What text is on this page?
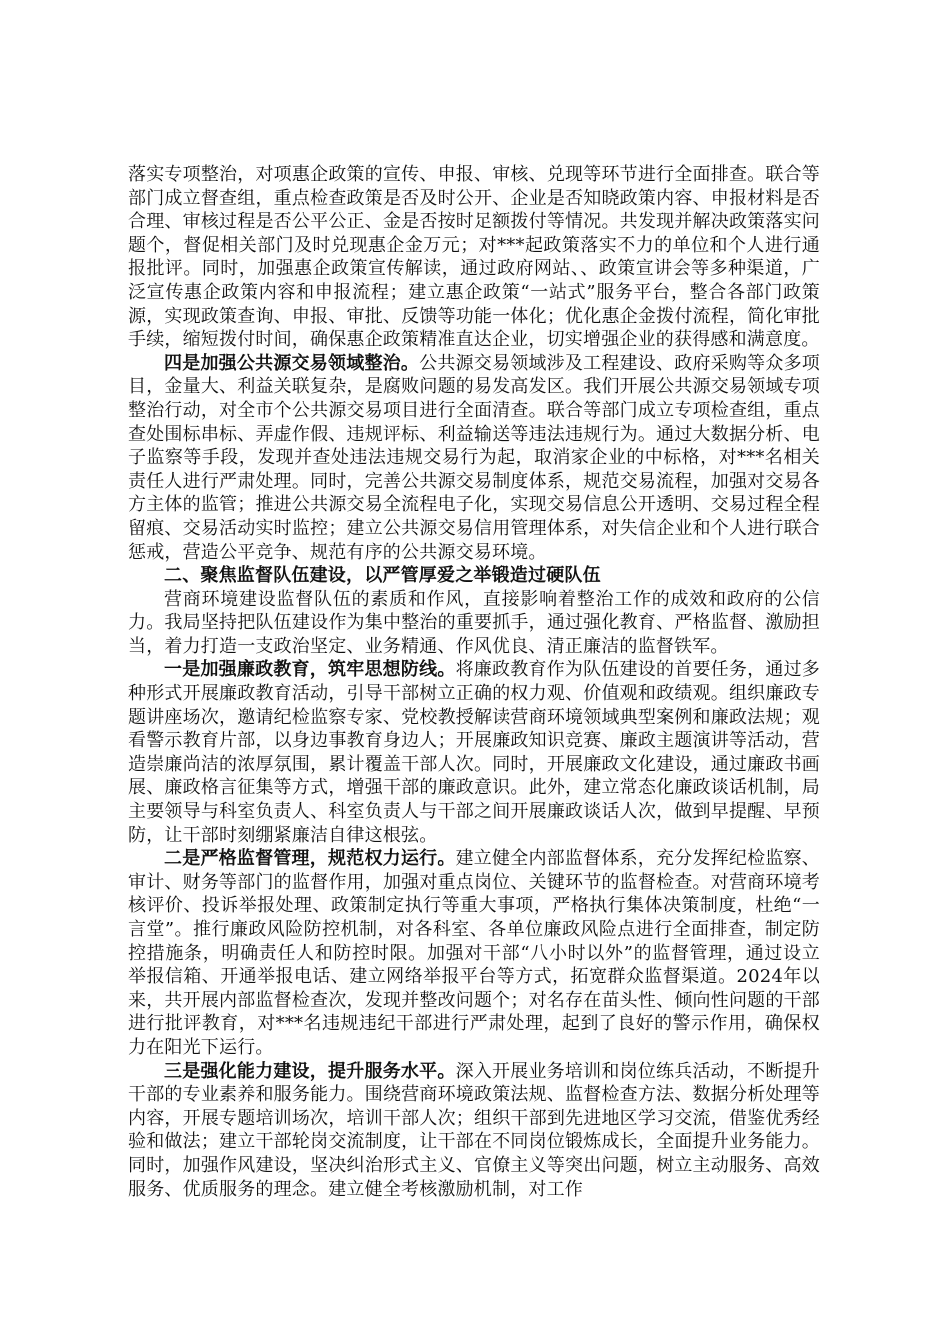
落实专项整治，对项惠企政策的宣传、申报、审核、兑现等环节进行全面排查。联合等部门成立督查组，重点检查政策是否及时公开、企业是否知晓政策内容、申报材料是否合理、审核过程是否公平公正、金是否按时足额拨付等情况。共发现并解决政策落实问题个，督促相关部门及时兑现惠企金万元；对***起政策落实不力的单位和个人进行通报批评。同时，加强惠企政策宣传解读，通过政府网站、、政策宣讲会等多种渠道，广泛宣传惠企政策内容和申报流程；建立惠企政策“一站式”服务平台，整合各部门政策源，实现政策查询、申报、审批、反馈等功能一体化；优化惠企金拨付流程，简化审批手续，缩短拨付时间，确保惠企政策精准直达企业，切实增强企业的获得感和满意度。

四是加强公共源交易领域整治。公共源交易领域涉及工程建设、政府采购等众多项目，金量大、利益关联复杂，是腐败问题的易发高发区。我们开展公共源交易领域专项整治行动，对全市个公共源交易项目进行全面清查。联合等部门成立专项检查组，重点查处围标串标、弄虚作假、违规评标、利益输送等违法违规行为。通过大数据分析、电子监察等手段，发现并查处违法违规交易行为起，取消家企业的中标格，对***名相关责任人进行严肃处理。同时，完善公共源交易制度体系，规范交易流程，加强对交易各方主体的监管；推进公共源交易全流程电子化，实现交易信息公开透明、交易过程全程留痕、交易活动实时监控；建立公共源交易信用管理体系，对失信企业和个人进行联合惩戒，营造公平竞争、规范有序的公共源交易环境。

二、聚焦监督队伍建设，以严管厚爱之举锻造过硬队伍

营商环境建设监督队伍的素质和作风，直接影响着整治工作的成效和政府的公信力。我局坚持把队伍建设作为集中整治的重要抓手，通过强化教育、严格监督、激励担当，着力打造一支政治坚定、业务精通、作风优良、清正廉洁的监督铁军。

一是加强廉政教育，筑牢思想防线。将廉政教育作为队伍建设的首要任务，通过多种形式开展廉政教育活动，引导干部树立正确的权力观、价值观和政绩观。组织廉政专题讲座场次，邀请纪检监察专家、党校教授解读营商环境领域典型案例和廉政法规；观看警示教育片部，以身边事教育身边人；开展廉政知识竞赛、廉政主题演讲等活动，营造崇廉尚洁的浓厚氛围，累计覆盖干部人次。同时，开展廉政文化建设，通过廉政书画展、廉政格言征集等方式，增强干部的廉政意识。此外，建立常态化廉政谈话机制，局主要领导与科室负责人、科室负责人与干部之间开展廉政谈话人次，做到早提醒、早预防，让干部时刻绷紧廉洁自律这根弦。

二是严格监督管理，规范权力运行。建立健全内部监督体系，充分发挥纪检监察、审计、财务等部门的监督作用，加强对重点岗位、关键环节的监督检查。对营商环境考核评价、投诉举报处理、政策制定执行等重大事项，严格执行集体决策制度，杜绝“一言堂”。推行廉政风险防控机制，对各科室、各单位廉政风险点进行全面排查，制定防控措施条，明确责任人和防控时限。加强对干部“八小时以外”的监督管理，通过设立举报信箱、开通举报电话、建立网络举报平台等方式，拓宽群众监督渠道。2024年以来，共开展内部监督检查次，发现并整改问题个；对名存在苗头性、倾向性问题的干部进行批评教育，对***名违规违纪干部进行严肃处理，起到了良好的警示作用，确保权力在阳光下运行。

三是强化能力建设，提升服务水平。深入开展业务培训和岗位练兵活动，不断提升干部的专业素养和服务能力。围绕营商环境政策法规、监督检查方法、数据分析处理等内容，开展专题培训场次，培训干部人次；组织干部到先进地区学习交流，借鉴优秀经验和做法；建立干部轮岗交流制度，让干部在不同岗位锻炼成长，全面提升业务能力。同时，加强作风建设，坚决纠治形式主义、官僚主义等突出问题，树立主动服务、高效服务、优质服务的理念。建立健全考核激励机制，对工作
